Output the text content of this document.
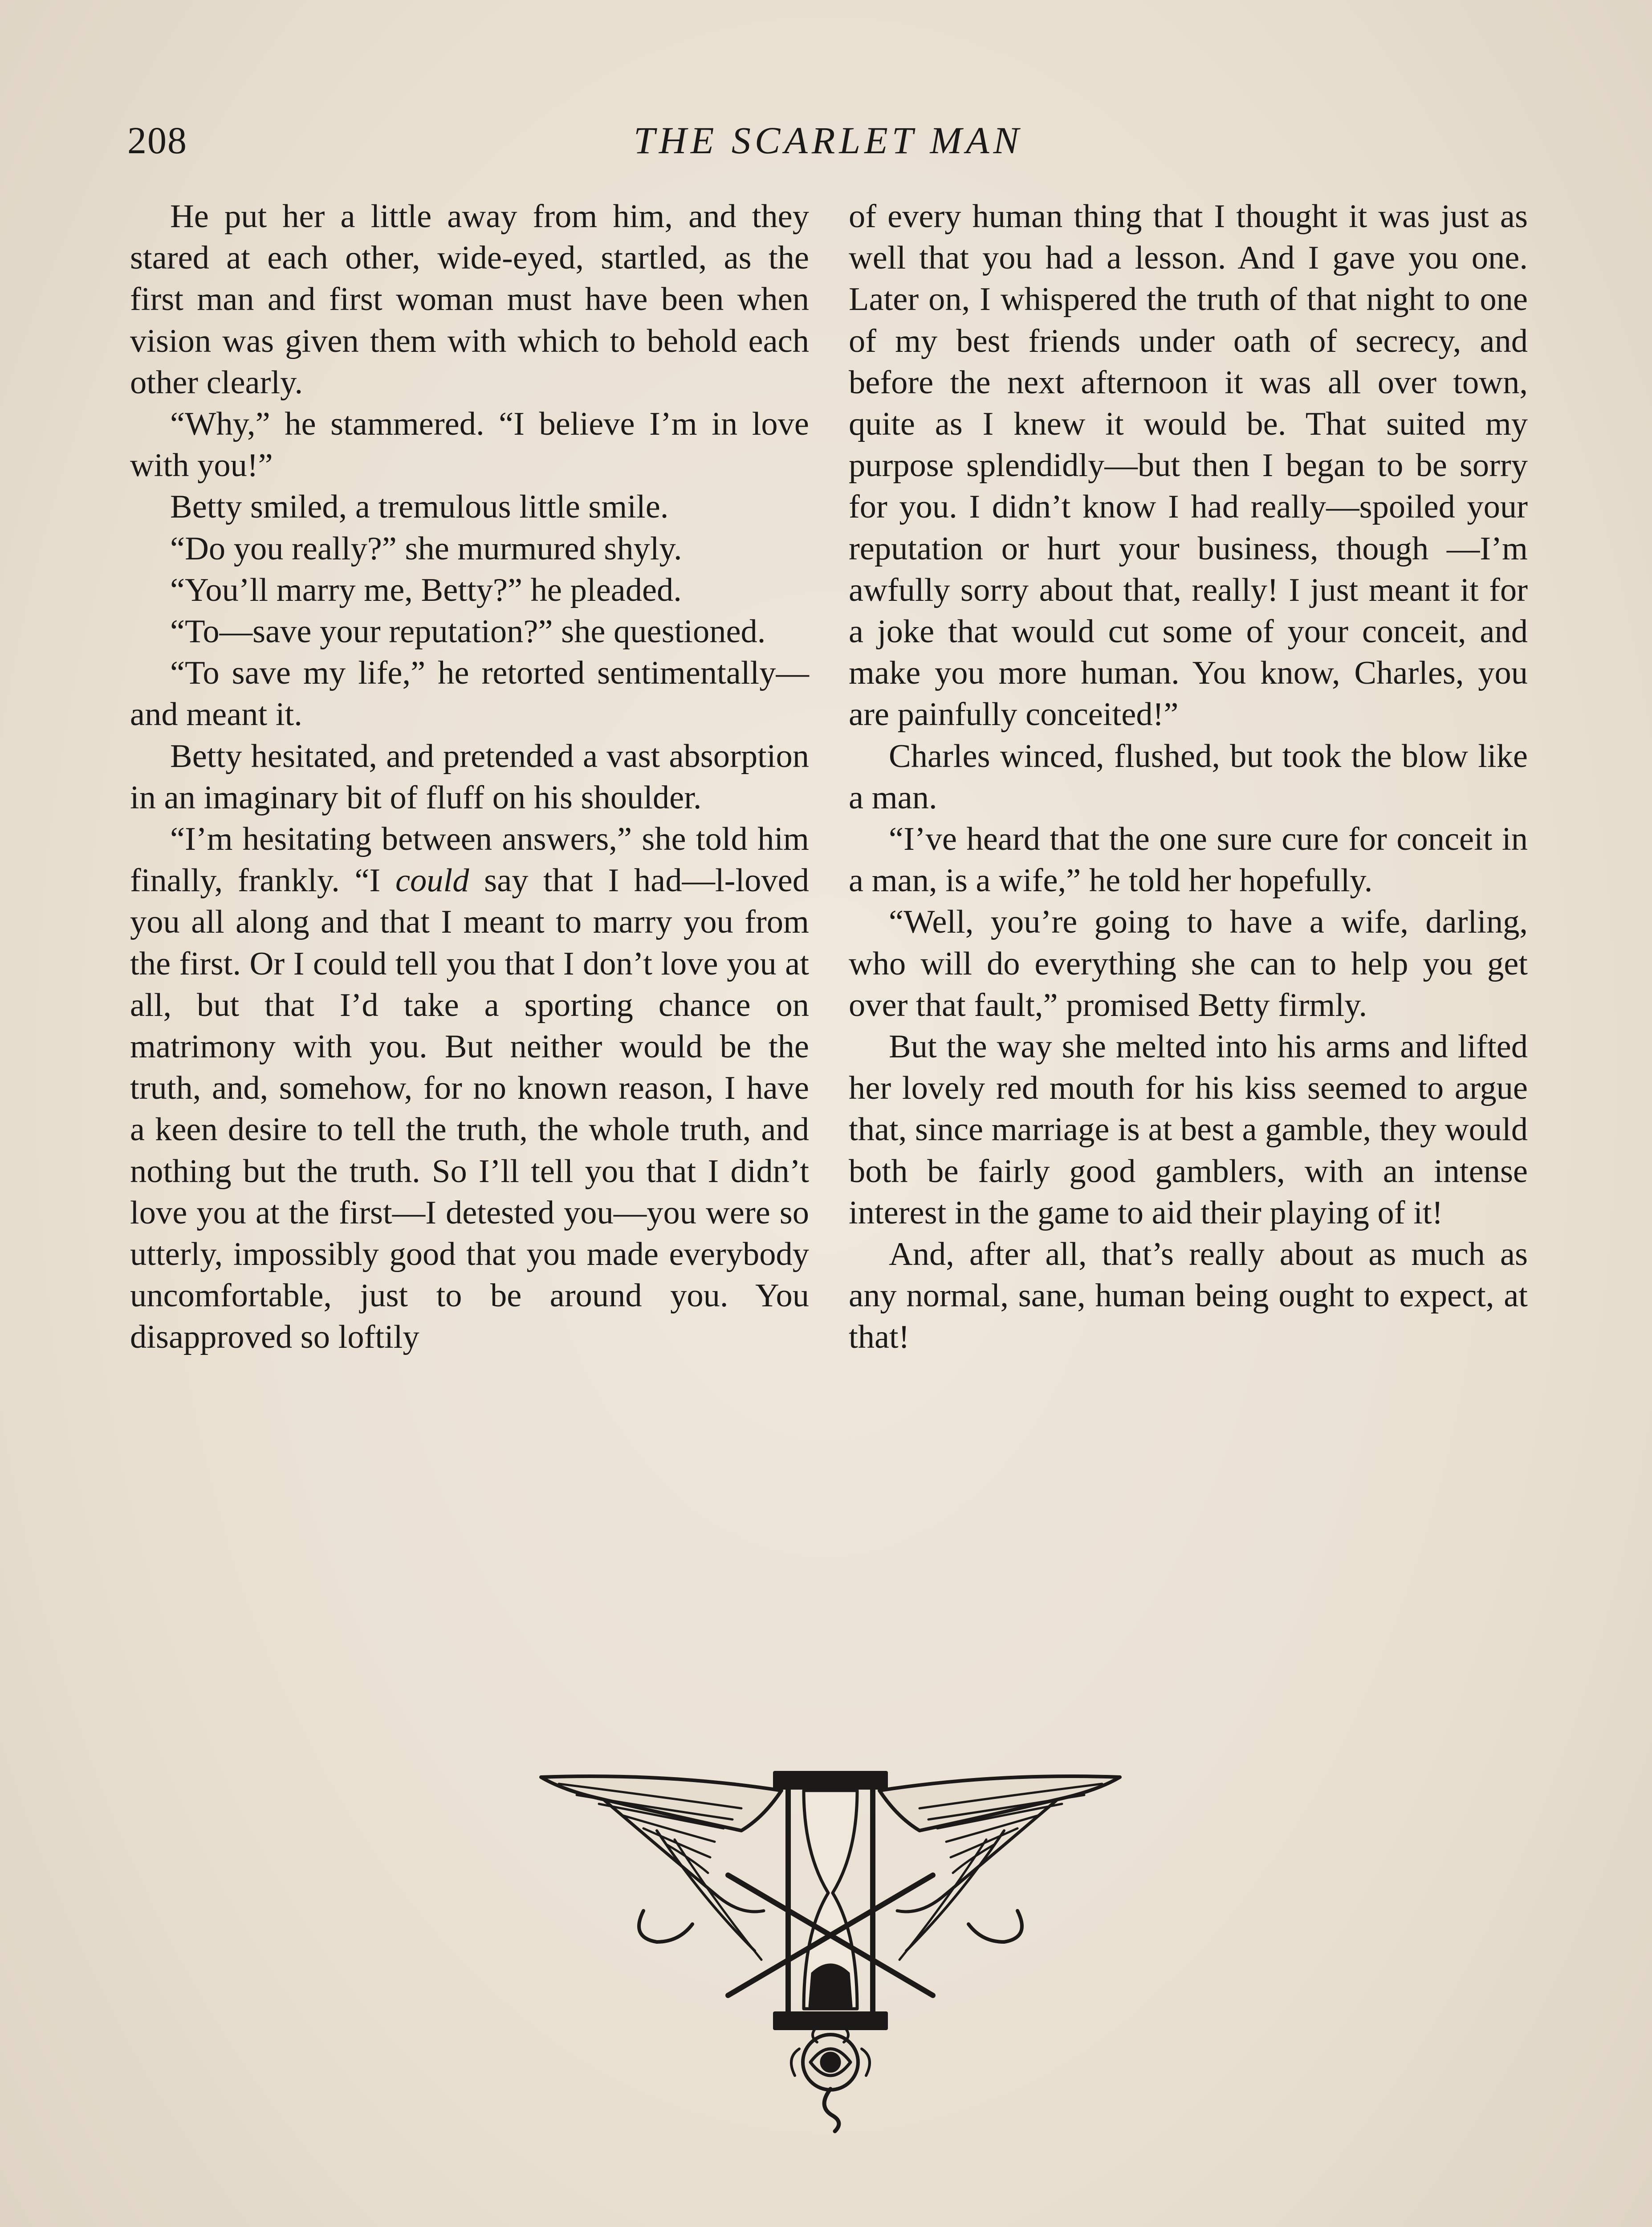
208	THE SCARLET MAN

He put her a little away from him, and they stared at each other, wide-eyed, startled, as the first man and first woman must have been when vision was given them with which to behold each other clearly.

“Why,” he stammered. “I believe I’m in love with you!”

Betty smiled, a tremulous little smile.

“Do you really?” she murmured shyly.

“You’ll marry me, Betty?” he pleaded.

“To—save your reputation?” she questioned.

“To save my life,” he retorted sentimentally—and meant it.

Betty hesitated, and pretended a vast absorption in an imaginary bit of fluff on his shoulder.

“I’m hesitating between answers,” she told him finally, frankly. “I could say that I had—l-loved you all along and that I meant to marry you from the first. Or I could tell you that I don’t love you at all, but that I’d take a sporting chance on matrimony with you. But neither would be the truth, and, somehow, for no known reason, I have a keen desire to tell the truth, the whole truth, and nothing but the truth. So I’ll tell you that I didn’t love you at the first—I detested you—you were so utterly, impossibly good that you made everybody uncomfortable, just to be around you. You disapproved so loftily

of every human thing that I thought it was just as well that you had a lesson. And I gave you one. Later on, I whispered the truth of that night to one of my best friends under oath of secrecy, and before the next afternoon it was all over town, quite as I knew it would be. That suited my purpose splendidly—but then I began to be sorry for you. I didn’t know I had really—spoiled your reputation or hurt your business, though —I’m awfully sorry about that, really! I just meant it for a joke that would cut some of your conceit, and make you more human. You know, Charles, you are painfully conceited!”

Charles winced, flushed, but took the blow like a man.

“I’ve heard that the one sure cure for conceit in a man, is a wife,” he told her hopefully.

“Well, you’re going to have a wife, darling, who will do everything she can to help you get over that fault,” promised Betty firmly.

But the way she melted into his arms and lifted her lovely red mouth for his kiss seemed to argue that, since marriage is at best a gamble, they would both be fairly good gamblers, with an intense interest in the game to aid their playing of it!

And, after all, that’s really about as much as any normal, sane, human being ought to expect, at that!
